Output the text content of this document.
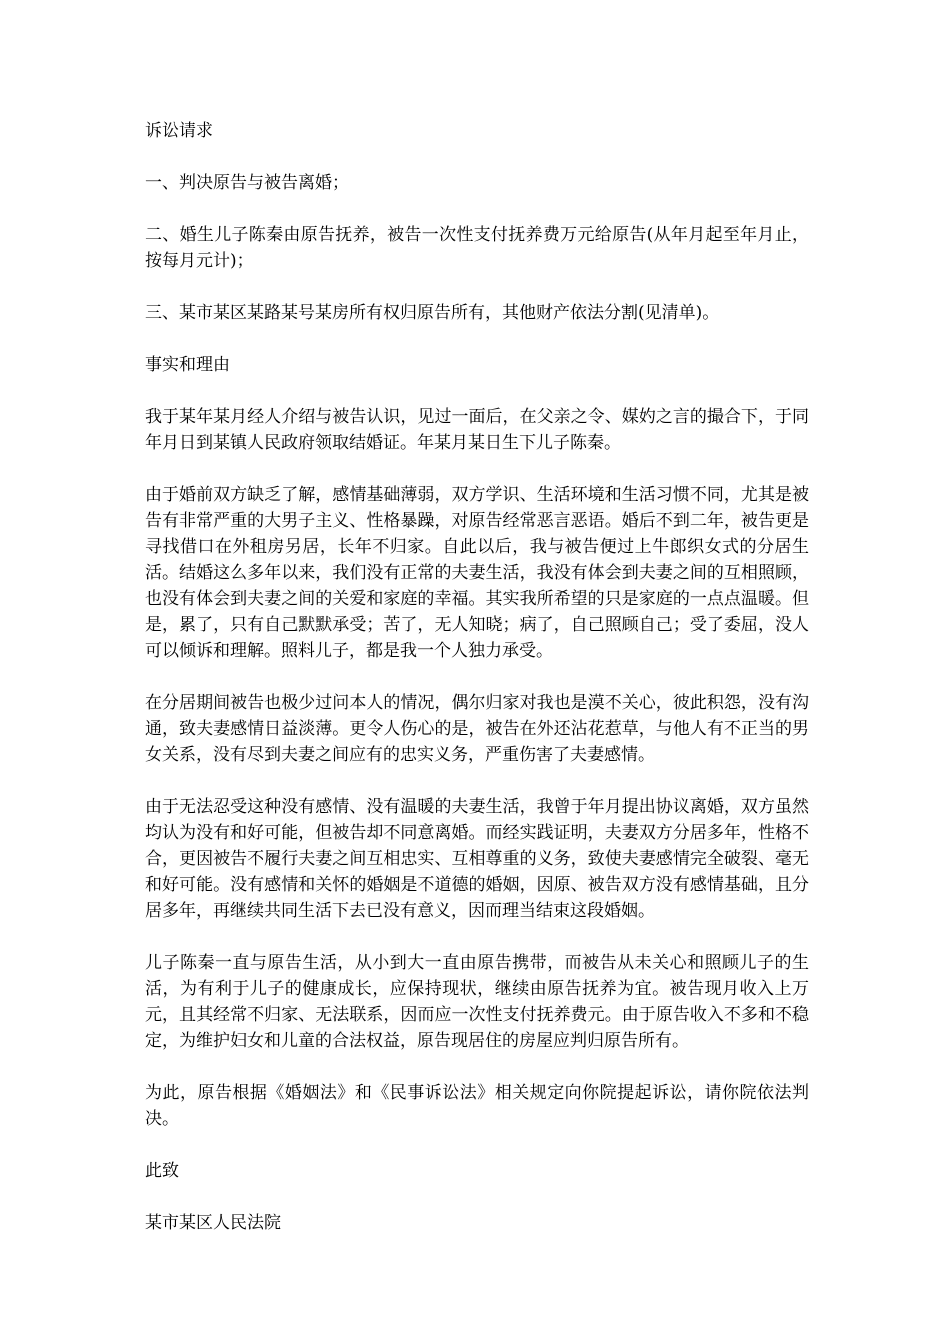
诉讼请求

一、判决原告与被告离婚；

二、婚生儿子陈秦由原告抚养，被告一次性支付抚养费万元给原告(从年月起至年月止，按每月元计)；

三、某市某区某路某号某房所有权归原告所有，其他财产依法分割(见清单)。

事实和理由

我于某年某月经人介绍与被告认识，见过一面后，在父亲之令、媒妁之言的撮合下，于同年月日到某镇人民政府领取结婚证。年某月某日生下儿子陈秦。

由于婚前双方缺乏了解，感情基础薄弱，双方学识、生活环境和生活习惯不同，尤其是被告有非常严重的大男子主义、性格暴躁，对原告经常恶言恶语。婚后不到二年，被告更是寻找借口在外租房另居，长年不归家。自此以后，我与被告便过上牛郎织女式的分居生活。结婚这么多年以来，我们没有正常的夫妻生活，我没有体会到夫妻之间的互相照顾，也没有体会到夫妻之间的关爱和家庭的幸福。其实我所希望的只是家庭的一点点温暖。但是，累了，只有自己默默承受；苦了，无人知晓；病了，自己照顾自己；受了委屈，没人可以倾诉和理解。照料儿子，都是我一个人独力承受。

在分居期间被告也极少过问本人的情况，偶尔归家对我也是漠不关心，彼此积怨，没有沟通，致夫妻感情日益淡薄。更令人伤心的是，被告在外还沾花惹草，与他人有不正当的男女关系，没有尽到夫妻之间应有的忠实义务，严重伤害了夫妻感情。

由于无法忍受这种没有感情、没有温暖的夫妻生活，我曾于年月提出协议离婚，双方虽然均认为没有和好可能，但被告却不同意离婚。而经实践证明，夫妻双方分居多年，性格不合，更因被告不履行夫妻之间互相忠实、互相尊重的义务，致使夫妻感情完全破裂、毫无和好可能。没有感情和关怀的婚姻是不道德的婚姻，因原、被告双方没有感情基础，且分居多年，再继续共同生活下去已没有意义，因而理当结束这段婚姻。

儿子陈秦一直与原告生活，从小到大一直由原告携带，而被告从未关心和照顾儿子的生活，为有利于儿子的健康成长，应保持现状，继续由原告抚养为宜。被告现月收入上万元，且其经常不归家、无法联系，因而应一次性支付抚养费元。由于原告收入不多和不稳定，为维护妇女和儿童的合法权益，原告现居住的房屋应判归原告所有。

为此，原告根据《婚姻法》和《民事诉讼法》相关规定向你院提起诉讼，请你院依法判决。

此致

某市某区人民法院
